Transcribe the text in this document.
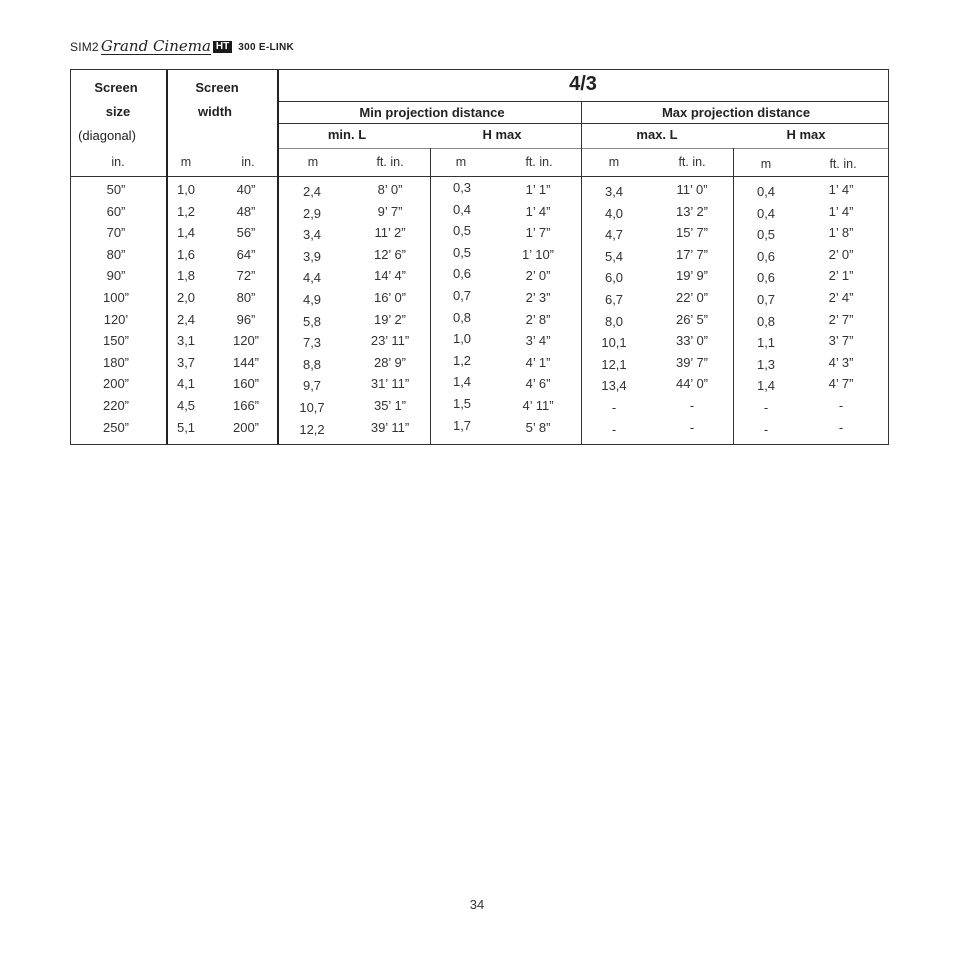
SIM2 Grand Cinema HT 300 E-LINK
Screen
size
(diagonal)
Screen
width
4/3
Min projection distance	Max projection distance
min. L	H max	max. L	H max
in.	m	in.	m	ft. in.	m	ft. in.	m	ft. in.	m	ft. in.
50”	1,0	40”	2,4	8’ 0”	0,3	1’ 1”	3,4	11’ 0”	0,4	1’ 4”
60”	1,2	48”	2,9	9’ 7”	0,4	1’ 4”	4,0	13’ 2”	0,4	1’ 4”
70”	1,4	56”	3,4	11’ 2”	0,5	1’ 7”	4,7	15’ 7”	0,5	1’ 8”
80”	1,6	64”	3,9	12’ 6”	0,5	1’ 10”	5,4	17’ 7”	0,6	2’ 0”
90”	1,8	72”	4,4	14’ 4”	0,6	2’ 0”	6,0	19’ 9”	0,6	2’ 1”
100”	2,0	80”	4,9	16’ 0”	0,7	2’ 3”	6,7	22’ 0”	0,7	2’ 4”
120’	2,4	96”	5,8	19’ 2”	0,8	2’ 8”	8,0	26’ 5”	0,8	2’ 7”
150”	3,1	120”	7,3	23’ 11”	1,0	3’ 4”	10,1	33’ 0”	1,1	3’ 7”
180”	3,7	144”	8,8	28’ 9”	1,2	4’ 1”	12,1	39’ 7”	1,3	4’ 3”
200”	4,1	160”	9,7	31’ 11”	1,4	4’ 6”	13,4	44’ 0”	1,4	4’ 7”
220”	4,5	166”	10,7	35’ 1”	1,5	4’ 11”	-	-	-	-
250”	5,1	200”	12,2	39’ 11”	1,7	5’ 8”	-	-	-	-
34
